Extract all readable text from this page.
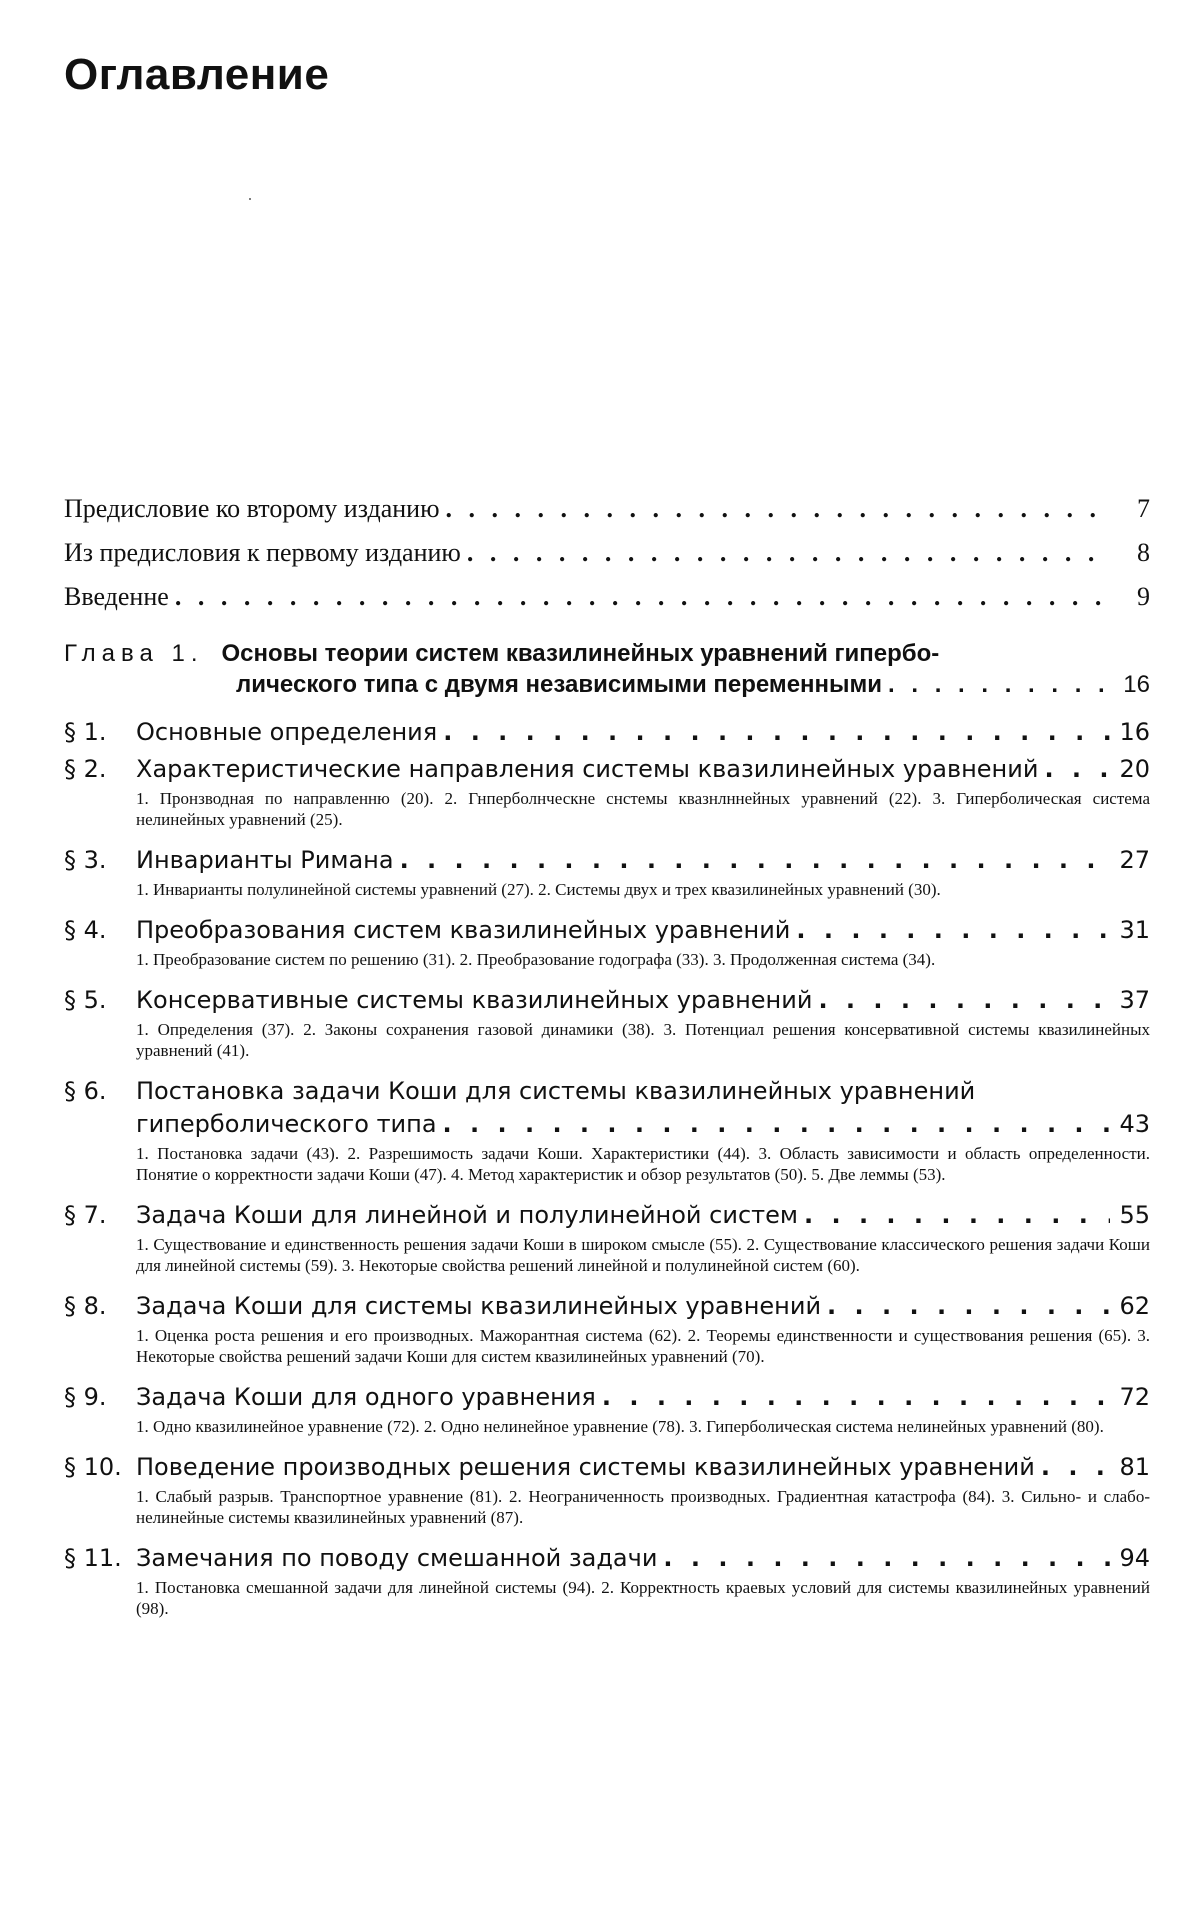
Оглавление
Предисловие ко второму изданию . . .	7
Из предисловия к первому изданию . . .	8
Введенне . . .	9
Глава 1. Основы теории систем квазилинейных уравнений гипербо-
лического типа с двумя независимыми переменными . . .	16
§ 1.	Основные определения . . .	16
§ 2.	Характеристические направления системы квазилинейных уравнений . . .	20
1. Пронзводная по направленню (20). 2. Гнперболнческне снстемы квазнлннейных уравнений (22). 3. Гиперболическая система нелинейных уравнений (25).
§ 3.	Инварианты Римана . . .	27
1. Инварианты полулинейной системы уравнений (27). 2. Системы двух и трех квазилинейных уравнений (30).
§ 4.	Преобразования систем квазилинейных уравнений . . .	31
1. Преобразование систем по решению (31). 2. Преобразование годографа (33). 3. Продолженная система (34).
§ 5.	Консервативные системы квазилинейных уравнений . . .	37
1. Определения (37). 2. Законы сохранения газовой динамики (38). 3. Потенциал решения консервативной системы квазилинейных уравнений (41).
§ 6.	Постановка задачи Коши для системы квазилинейных уравнений
гиперболического типа . . .	43
1. Постановка задачи (43). 2. Разрешимость задачи Коши. Характеристики (44). 3. Область зависимости и область определенности. Понятие о корректности задачи Коши (47). 4. Метод характеристик и обзор результатов (50). 5. Две леммы (53).
§ 7.	Задача Коши для линейной и полулинейной систем . . .	55
1. Существование и единственность решения задачи Коши в широком смысле (55). 2. Существование классического решения задачи Коши для линейной системы (59). 3. Некоторые свойства решений линейной и полулинейной систем (60).
§ 8.	Задача Коши для системы квазилинейных уравнений . . .	62
1. Оценка роста решения и его производных. Мажорантная система (62). 2. Теоремы единственности и существования решения (65). 3. Некоторые свойства решений задачи Коши для систем квазилинейных уравнений (70).
§ 9.	Задача Коши для одного уравнения . . .	72
1. Одно квазилинейное уравнение (72). 2. Одно нелинейное уравнение (78). 3. Гиперболическая система нелинейных уравнений (80).
§ 10. Поведение производных решения системы квазилинейных уравнений . . .	81
1. Слабый разрыв. Транспортное уравнение (81). 2. Неограниченность производных. Градиентная катастрофа (84). 3. Сильно- и слабо-нелинейные системы квазилинейных уравнений (87).
§ 11. Замечания по поводу смешанной задачи . . .	94
1. Постановка смешанной задачи для линейной системы (94). 2. Корректность краевых условий для системы квазилинейных уравнений (98).
